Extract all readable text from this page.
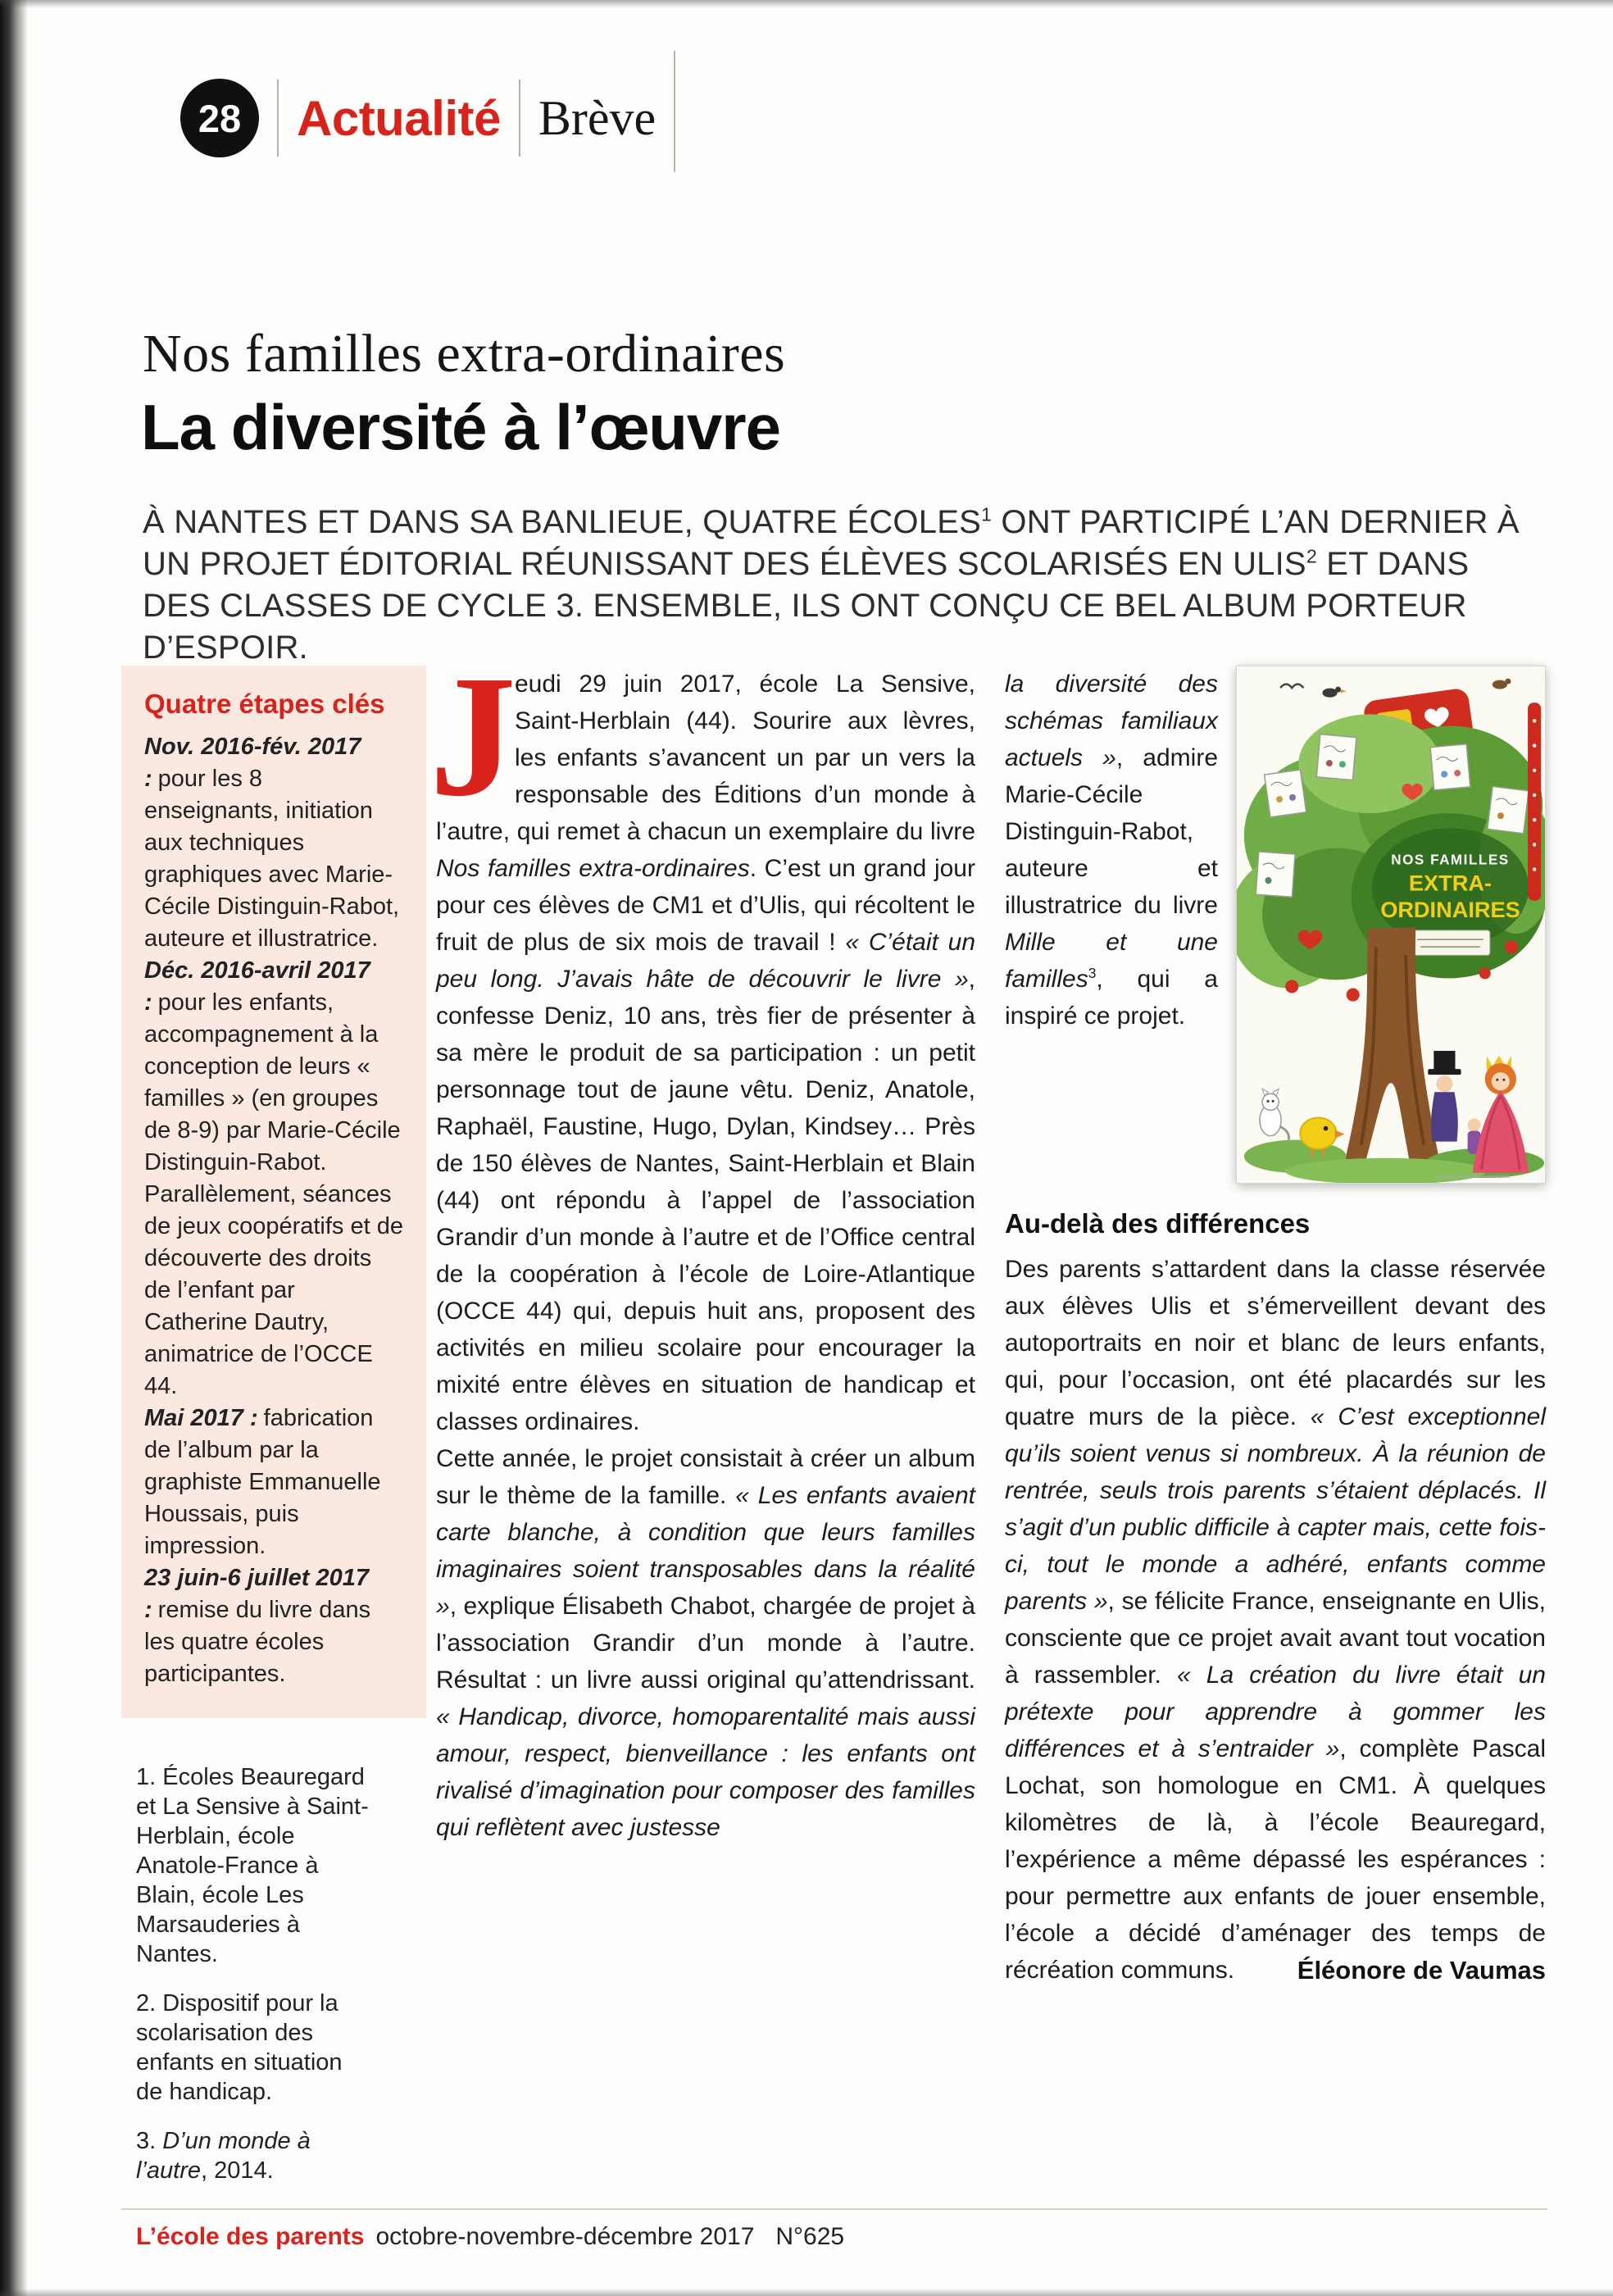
28 Actualité Brève
Nos familles extra-ordinaires
La diversité à l’œuvre
À NANTES ET DANS SA BANLIEUE, QUATRE ÉCOLES$^1$ ONT PARTICIPÉ L’AN DERNIER À UN PROJET ÉDITORIAL RÉUNISSANT DES ÉLÈVES SCOLARISÉS EN ULIS$^2$ ET DANS DES CLASSES DE CYCLE 3. ENSEMBLE, ILS ONT CONÇU CE BEL ALBUM PORTEUR D’ESPOIR.
Quatre étapes clés
Nov. 2016-fév. 2017 : pour les 8 enseignants, initiation aux techniques graphiques avec Marie-Cécile Distinguin-Rabot, auteure et illustratrice.
Déc. 2016-avril 2017 : pour les enfants, accompagnement à la conception de leurs « familles » (en groupes de 8-9) par Marie-Cécile Distinguin-Rabot. Parallèlement, séances de jeux coopératifs et de découverte des droits de l’enfant par Catherine Dautry, animatrice de l’OCCE 44.
Mai 2017 : fabrication de l’album par la graphiste Emmanuelle Houssais, puis impression.
23 juin-6 juillet 2017 : remise du livre dans les quatre écoles participantes.

1. Écoles Beauregard et La Sensive à Saint-Herblain, école Anatole-France à Blain, école Les Marsauderies à Nantes.

2. Dispositif pour la scolarisation des enfants en situation de handicap.

3. D’un monde à l’autre, 2014.

J

eudi 29 juin 2017, école La Sensive, Saint-Herblain (44). Sourire aux lèvres, les enfants s’avancent un par un vers la responsable des Éditions d’un monde à l’autre, qui remet à chacun un exemplaire du livre Nos familles extra-ordinaires. C’est un grand jour pour ces élèves de CM1 et d’Ulis, qui récoltent le fruit de plus de six mois de travail ! « C’était un peu long. J’avais hâte de découvrir le livre », confesse Deniz, 10 ans, très fier de présenter à sa mère le produit de sa participation : un petit personnage tout de jaune vêtu. Deniz, Anatole, Raphaël, Faustine, Hugo, Dylan, Kindsey… Près de 150 élèves de Nantes, Saint-Herblain et Blain (44) ont répondu à l’appel de l’association Grandir d’un monde à l’autre et de l’Office central de la coopération à l’école de Loire-Atlantique (OCCE 44) qui, depuis huit ans, proposent des activités en milieu scolaire pour encourager la mixité entre élèves en situation de handicap et classes ordinaires.

Cette année, le projet consistait à créer un album sur le thème de la famille. « Les enfants avaient carte blanche, à condition que leurs familles imaginaires soient transposables dans la réalité », explique Élisabeth Chabot, chargée de projet à l’association Grandir d’un monde à l’autre. Résultat : un livre aussi original qu’attendrissant. « Handicap, divorce, homoparentalité mais aussi amour, respect, bienveillance : les enfants ont rivalisé d’imagination pour composer des familles qui reflètent avec justesse

NOS FAMILLES
EXTRA-
ORDINAIRES

la diversité des schémas familiaux actuels », admire Marie-Cécile Distinguin-Rabot, auteure et illustratrice du livre Mille et une familles$^3$, qui a inspiré ce projet.

Au-delà des différences

Des parents s’attardent dans la classe réservée aux élèves Ulis et s’émerveillent devant des autoportraits en noir et blanc de leurs enfants, qui, pour l’occasion, ont été placardés sur les quatre murs de la pièce. « C’est exceptionnel qu’ils soient venus si nombreux. À la réunion de rentrée, seuls trois parents s’étaient déplacés. Il s’agit d’un public difficile à capter mais, cette fois-ci, tout le monde a adhéré, enfants comme parents », se félicite France, enseignante en Ulis, consciente que ce projet avait avant tout vocation à rassembler. « La création du livre était un prétexte pour apprendre à gommer les différences et à s’entraider », complète Pascal Lochat, son homologue en CM1. À quelques kilomètres de là, à l’école Beauregard, l’expérience a même dépassé les espérances : pour permettre aux enfants de jouer ensemble, l’école a décidé d’aménager des temps de récréation communs.	Éléonore de Vaumas
L’école des parents octobre-novembre-décembre 2017 N°625
